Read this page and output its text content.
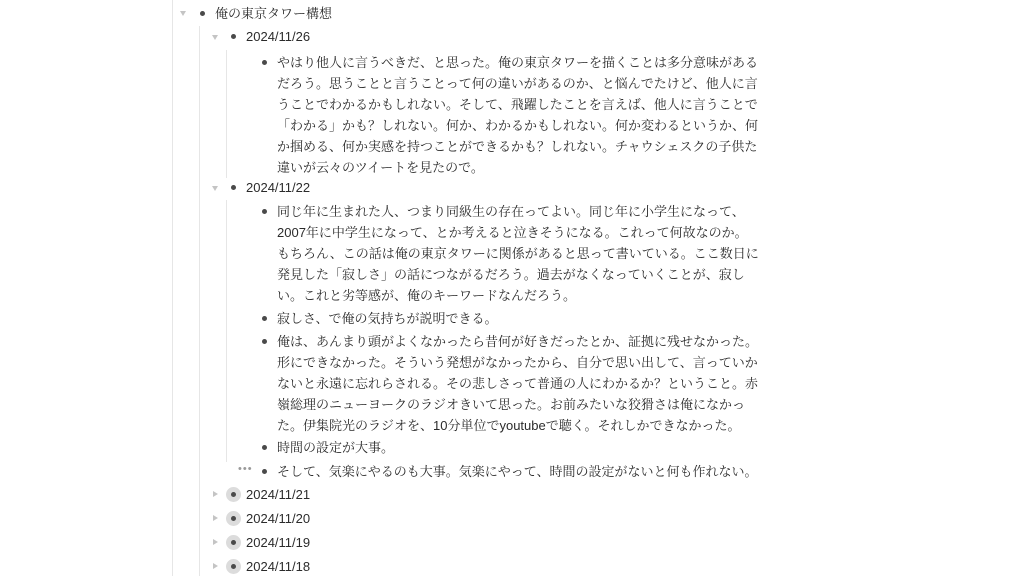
俺の東京タワー構想
2024/11/26
やはり他人に言うべきだ、と思った。俺の東京タワーを描くことは多分意味があるだろう。思うことと言うことって何の違いがあるのか、と悩んでたけど、他人に言うことでわかるかもしれない。そして、飛躍したことを言えば、他人に言うことで「わかる」かも？しれない。何か、わかるかもしれない。何か変わるというか、何か掴める、何か実感を持つことができるかも？しれない。チャウシェスクの子供た違いが云々のツイートを見たので。
2024/11/22
同じ年に生まれた人、つまり同級生の存在ってよい。同じ年に小学生になって、2007年に中学生になって、とか考えると泣きそうになる。これって何故なのか。もちろん、この話は俺の東京タワーに関係があると思って書いている。ここ数日に発見した「寂しさ」の話につながるだろう。過去がなくなっていくことが、寂しい。これと劣等感が、俺のキーワードなんだろう。
寂しさ、で俺の気持ちが説明できる。
俺は、あんまり頭がよくなかったら昔何が好きだったとか、証拠に残せなかった。形にできなかった。そういう発想がなかったから、自分で思い出して、言っていかないと永遠に忘れらされる。その悲しさって普通の人にわかるか？ということ。赤嶺総理のニューヨークのラジオきいて思った。お前みたいな狡猾さは俺になかった。伊集院光のラジオを、10分単位でyoutubeで聴く。それしかできなかった。
時間の設定が大事。
••• そして、気楽にやるのも大事。気楽にやって、時間の設定がないと何も作れない。
2024/11/21
2024/11/20
2024/11/19
2024/11/18
